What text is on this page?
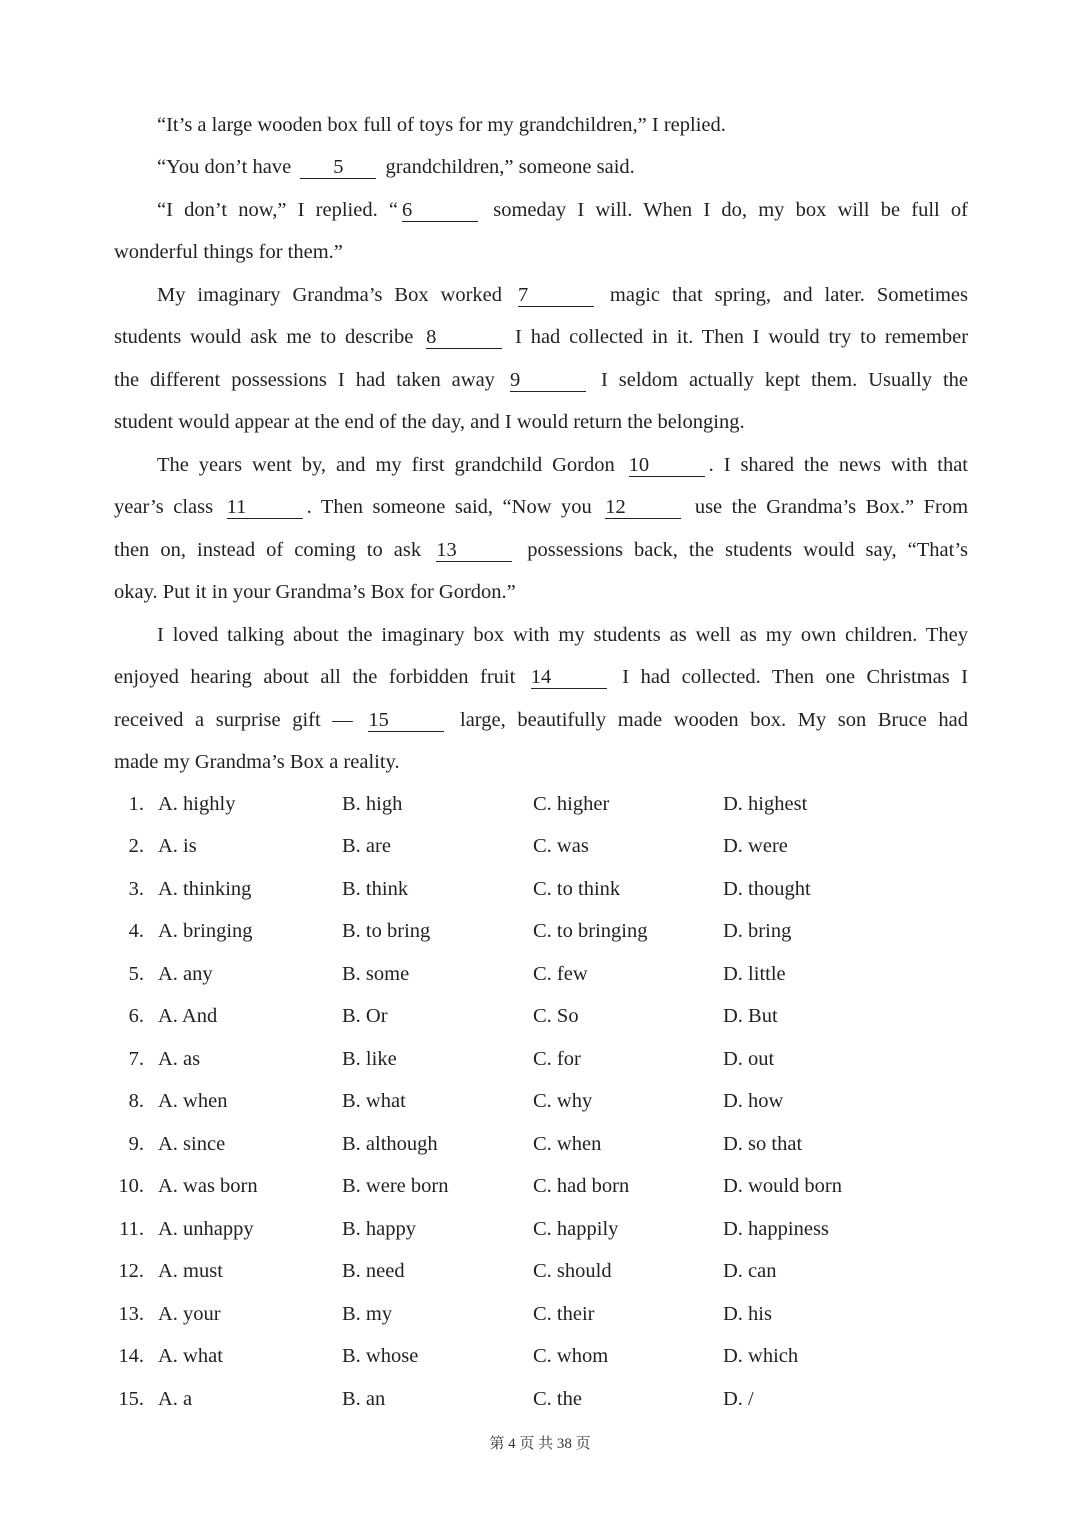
“It’s a large wooden box full of toys for my grandchildren,” I replied.
“You don’t have 5 grandchildren,” someone said.
“I don’t now,” I replied. “ 6	someday I will. When I do, my box will be full of
wonderful things for them.”
My imaginary Grandma’s Box worked 7	magic that spring, and later. Sometimes
students would ask me to describe 8	I had collected in it. Then I would try to remember
the different possessions I had taken away 9	I seldom actually kept them. Usually the
student would appear at the end of the day, and I would return the belonging.
The years went by, and my first grandchild Gordon 10	. I shared the news with that
year’s class 11	. Then someone said, “Now you 12	use the Grandma’s Box.” From
then on, instead of coming to ask 13	possessions back, the students would say, “That’s
okay. Put it in your Grandma’s Box for Gordon.”
I loved talking about the imaginary box with my students as well as my own children. They
enjoyed hearing about all the forbidden fruit 14	I had collected. Then one Christmas I
received a surprise gift — 15	large, beautifully made wooden box. My son Bruce had
made my Grandma’s Box a reality.
1. A. highly	B. high	C. higher	D. highest
2. A. is	B. are	C. was	D. were
3. A. thinking	B. think	C. to think	D. thought
4. A. bringing	B. to bring	C. to bringing	D. bring
5. A. any	B. some	C. few	D. little
6. A. And	B. Or	C. So	D. But
7. A. as	B. like	C. for	D. out
8. A. when	B. what	C. why	D. how
9. A. since	B. although	C. when	D. so that
10. A. was born	B. were born	C. had born	D. would born
11. A. unhappy	B. happy	C. happily	D. happiness
12. A. must	B. need	C. should	D. can
13. A. your	B. my	C. their	D. his
14. A. what	B. whose	C. whom	D. which
15. A. a	B. an	C. the	D. /
第 4 页 共 38 页
